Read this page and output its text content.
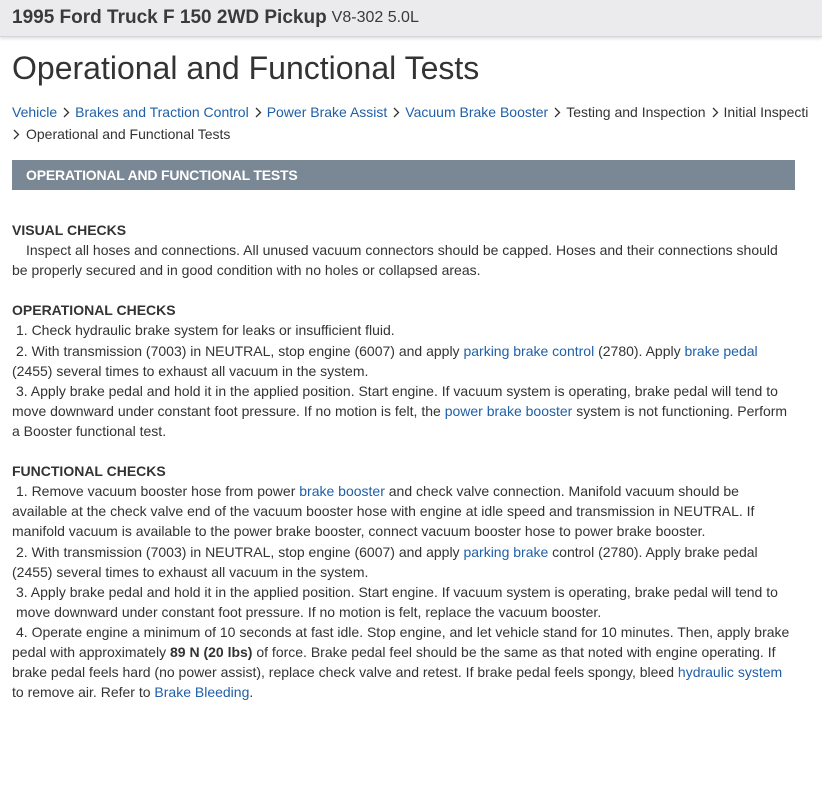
1995 Ford Truck F 150 2WD Pickup V8-302 5.0L
Operational and Functional Tests
Vehicle Brakes and Traction Control Power Brake Assist Vacuum Brake Booster Testing and Inspection Initial Inspecti
Operational and Functional Tests
OPERATIONAL AND FUNCTIONAL TESTS
VISUAL CHECKS
Inspect all hoses and connections. All unused vacuum connectors should be capped. Hoses and their connections should be properly secured and in good condition with no holes or collapsed areas.
OPERATIONAL CHECKS
1. Check hydraulic brake system for leaks or insufficient fluid.
2. With transmission (7003) in NEUTRAL, stop engine (6007) and apply parking brake control (2780). Apply brake pedal (2455) several times to exhaust all vacuum in the system.
3. Apply brake pedal and hold it in the applied position. Start engine. If vacuum system is operating, brake pedal will tend to move downward under constant foot pressure. If no motion is felt, the power brake booster system is not functioning. Perform a Booster functional test.
FUNCTIONAL CHECKS
1. Remove vacuum booster hose from power brake booster and check valve connection. Manifold vacuum should be available at the check valve end of the vacuum booster hose with engine at idle speed and transmission in NEUTRAL. If manifold vacuum is available to the power brake booster, connect vacuum booster hose to power brake booster.
2. With transmission (7003) in NEUTRAL, stop engine (6007) and apply parking brake control (2780). Apply brake pedal (2455) several times to exhaust all vacuum in the system.
3. Apply brake pedal and hold it in the applied position. Start engine. If vacuum system is operating, brake pedal will tend to move downward under constant foot pressure. If no motion is felt, replace the vacuum booster.
4. Operate engine a minimum of 10 seconds at fast idle. Stop engine, and let vehicle stand for 10 minutes. Then, apply brake pedal with approximately 89 N (20 lbs) of force. Brake pedal feel should be the same as that noted with engine operating. If brake pedal feels hard (no power assist), replace check valve and retest. If brake pedal feels spongy, bleed hydraulic system to remove air. Refer to Brake Bleeding.
